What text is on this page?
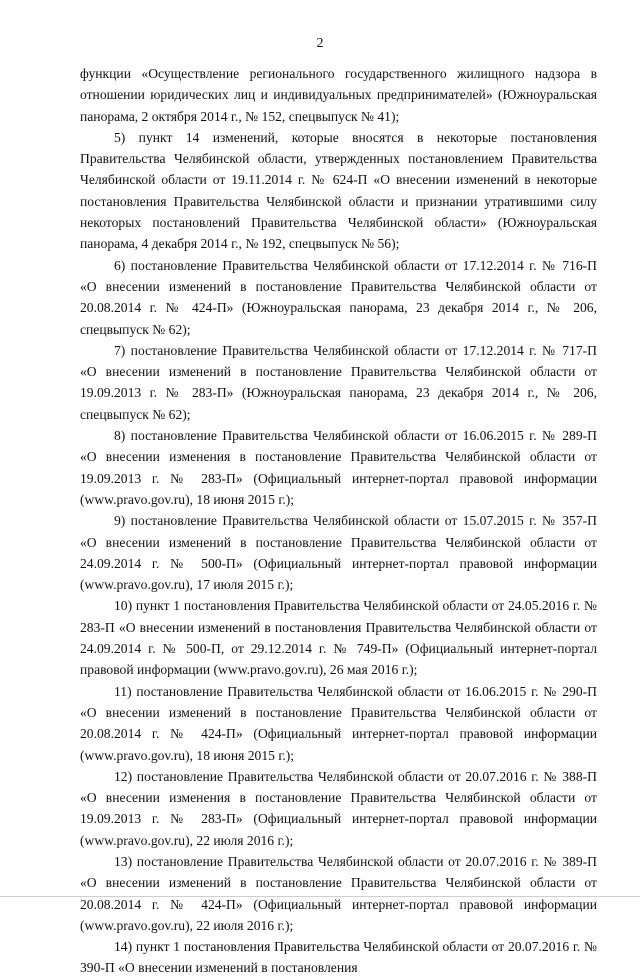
2

функции «Осуществление регионального государственного жилищного надзора в отношении юридических лиц и индивидуальных предпринимателей» (Южноуральская панорама, 2 октября 2014 г., № 152, спецвыпуск № 41);

5) пункт 14 изменений, которые вносятся в некоторые постановления Правительства Челябинской области, утвержденных постановлением Правительства Челябинской области от 19.11.2014 г. № 624-П «О внесении изменений в некоторые постановления Правительства Челябинской области и признании утратившими силу некоторых постановлений Правительства Челябинской области» (Южноуральская панорама, 4 декабря 2014 г., № 192, спецвыпуск № 56);

6) постановление Правительства Челябинской области от 17.12.2014 г. № 716-П «О внесении изменений в постановление Правительства Челябинской области от 20.08.2014 г. № 424-П» (Южноуральская панорама, 23 декабря 2014 г., № 206, спецвыпуск № 62);

7) постановление Правительства Челябинской области от 17.12.2014 г. № 717-П «О внесении изменений в постановление Правительства Челябинской области от 19.09.2013 г. № 283-П» (Южноуральская панорама, 23 декабря 2014 г., № 206, спецвыпуск № 62);

8) постановление Правительства Челябинской области от 16.06.2015 г. № 289-П «О внесении изменения в постановление Правительства Челябинской области от 19.09.2013 г. № 283-П» (Официальный интернет-портал правовой информации (www.pravo.gov.ru), 18 июня 2015 г.);

9) постановление Правительства Челябинской области от 15.07.2015 г. № 357-П «О внесении изменений в постановление Правительства Челябинской области от 24.09.2014 г. № 500-П» (Официальный интернет-портал правовой информации (www.pravo.gov.ru), 17 июля 2015 г.);

10) пункт 1 постановления Правительства Челябинской области от 24.05.2016 г. № 283-П «О внесении изменений в постановления Правительства Челябинской области от 24.09.2014 г. № 500-П, от 29.12.2014 г. № 749-П» (Официальный интернет-портал правовой информации (www.pravo.gov.ru), 26 мая 2016 г.);

11) постановление Правительства Челябинской области от 16.06.2015 г. № 290-П «О внесении изменений в постановление Правительства Челябинской области от 20.08.2014 г. № 424-П» (Официальный интернет-портал правовой информации (www.pravo.gov.ru), 18 июня 2015 г.);

12) постановление Правительства Челябинской области от 20.07.2016 г. № 388-П «О внесении изменения в постановление Правительства Челябинской области от 19.09.2013 г. № 283-П» (Официальный интернет-портал правовой информации (www.pravo.gov.ru), 22 июля 2016 г.);

13) постановление Правительства Челябинской области от 20.07.2016 г. № 389-П «О внесении изменений в постановление Правительства Челябинской области от 20.08.2014 г. № 424-П» (Официальный интернет-портал правовой информации (www.pravo.gov.ru), 22 июля 2016 г.);

14) пункт 1 постановления Правительства Челябинской области от 20.07.2016 г. № 390-П «О внесении изменений в постановления
